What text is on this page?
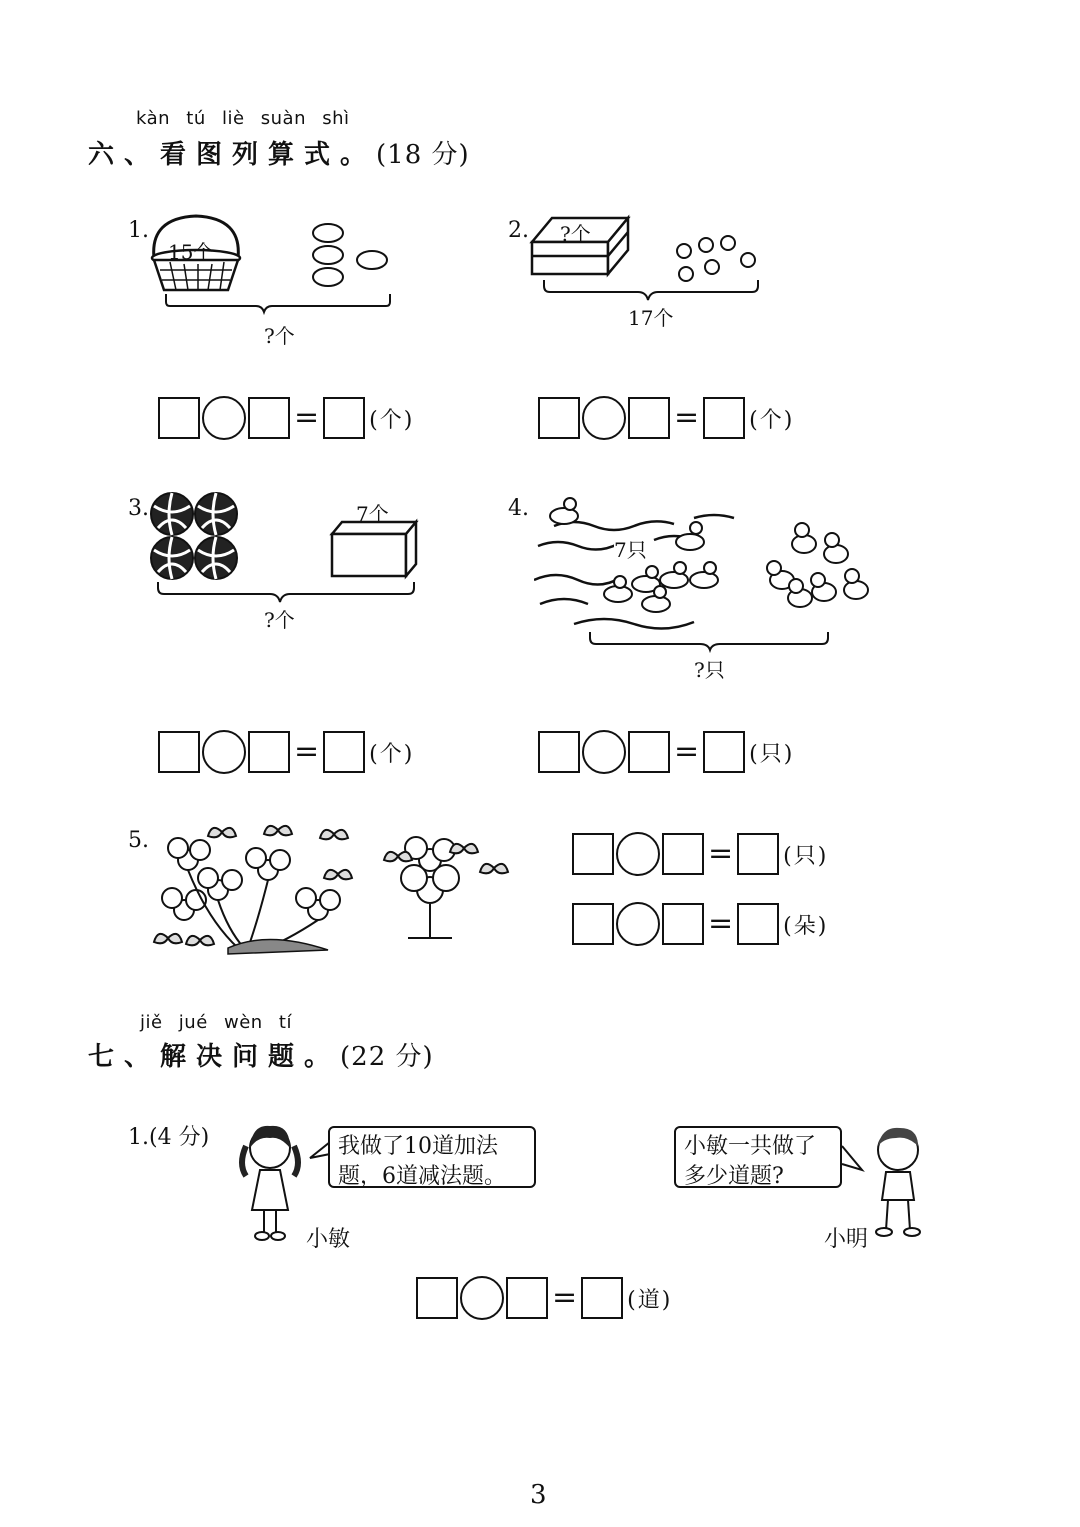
kàn tú liè suàn shì
六、看图列算式。(18 分)
1.
15个
?个
2. ?个
17个
= (个)	= (个)
3.	7个
?个
4.
7只
?只
= (个)	= (只)
5.	= (只)
= (朵)
jiě jué wèn tí
七、解决问题。(22 分)
1.(4 分)	我做了10道加法
题，6道减法题。
小敏
小敏一共做了
多少道题?
小明
= (道)
3
